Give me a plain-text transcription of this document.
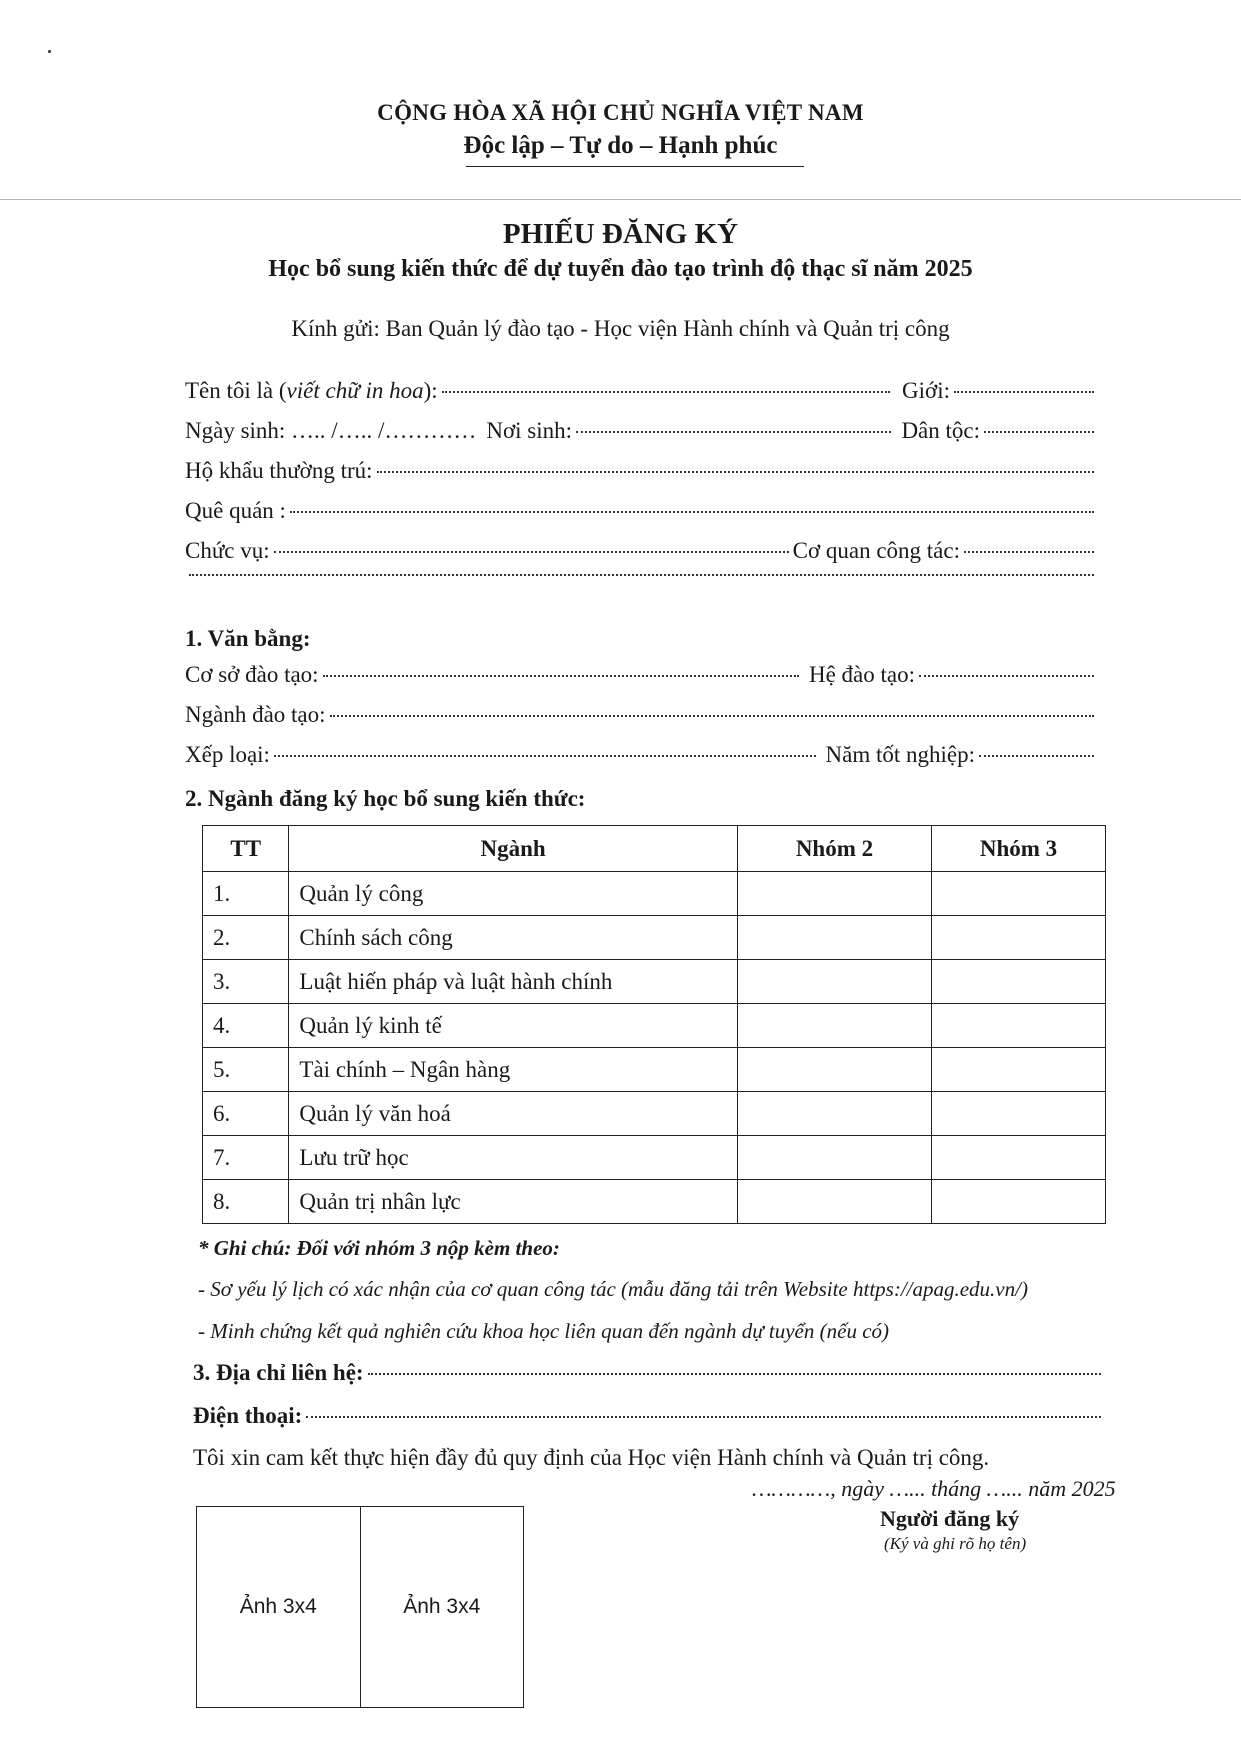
CỘNG HÒA XÃ HỘI CHỦ NGHĨA VIỆT NAM
Độc lập – Tự do – Hạnh phúc
PHIẾU ĐĂNG KÝ
Học bổ sung kiến thức để dự tuyển đào tạo trình độ thạc sĩ năm 2025
Kính gửi: Ban Quản lý đào tạo - Học viện Hành chính và Quản trị công
Tên tôi là (viết chữ in hoa):	Giới:
Ngày sinh: ….. /….. /………… Nơi sinh:	Dân tộc:
Hộ khẩu thường trú:
Quê quán :
Chức vụ:	Cơ quan công tác:
1. Văn bằng:
Cơ sở đào tạo:	Hệ đào tạo:
Ngành đào tạo:
Xếp loại:	Năm tốt nghiệp:
2. Ngành đăng ký học bổ sung kiến thức:
TT	Ngành	Nhóm 2	Nhóm 3
1.	Quản lý công		
2.	Chính sách công		
3.	Luật hiến pháp và luật hành chính		
4.	Quản lý kinh tế		
5.	Tài chính – Ngân hàng		
6.	Quản lý văn hoá		
7.	Lưu trữ học		
8.	Quản trị nhân lực		
* Ghi chú: Đối với nhóm 3 nộp kèm theo:
- Sơ yếu lý lịch có xác nhận của cơ quan công tác (mẫu đăng tải trên Website https://apag.edu.vn/)
- Minh chứng kết quả nghiên cứu khoa học liên quan đến ngành dự tuyển (nếu có)
3. Địa chỉ liên hệ:
Điện thoại:
Tôi xin cam kết thực hiện đầy đủ quy định của Học viện Hành chính và Quản trị công.
…………, ngày …... tháng …... năm 2025
Người đăng ký
(Ký và ghi rõ họ tên)
Ảnh 3x4	Ảnh 3x4
